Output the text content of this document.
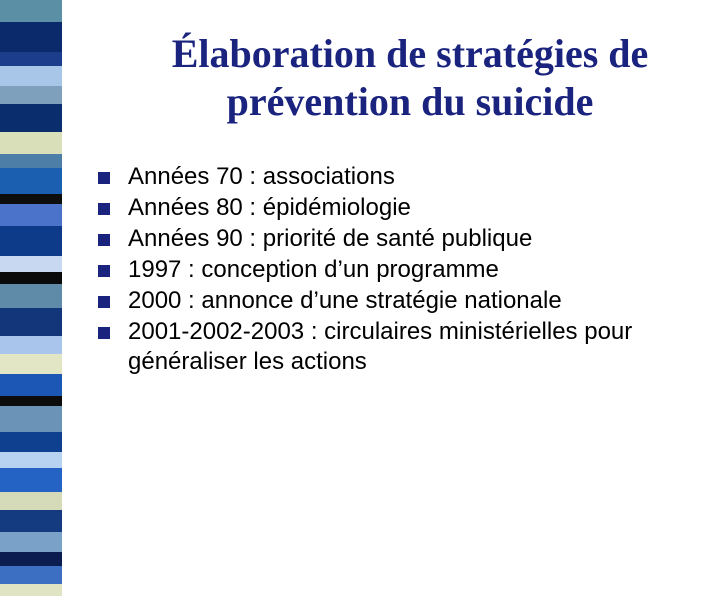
Élaboration de stratégies de
prévention du suicide
Années 70 : associations
Années 80 : épidémiologie
Années 90 : priorité de santé publique
1997 : conception d’un programme
2000 : annonce d’une stratégie nationale
2001-2002-2003 : circulaires ministérielles pour généraliser les actions
